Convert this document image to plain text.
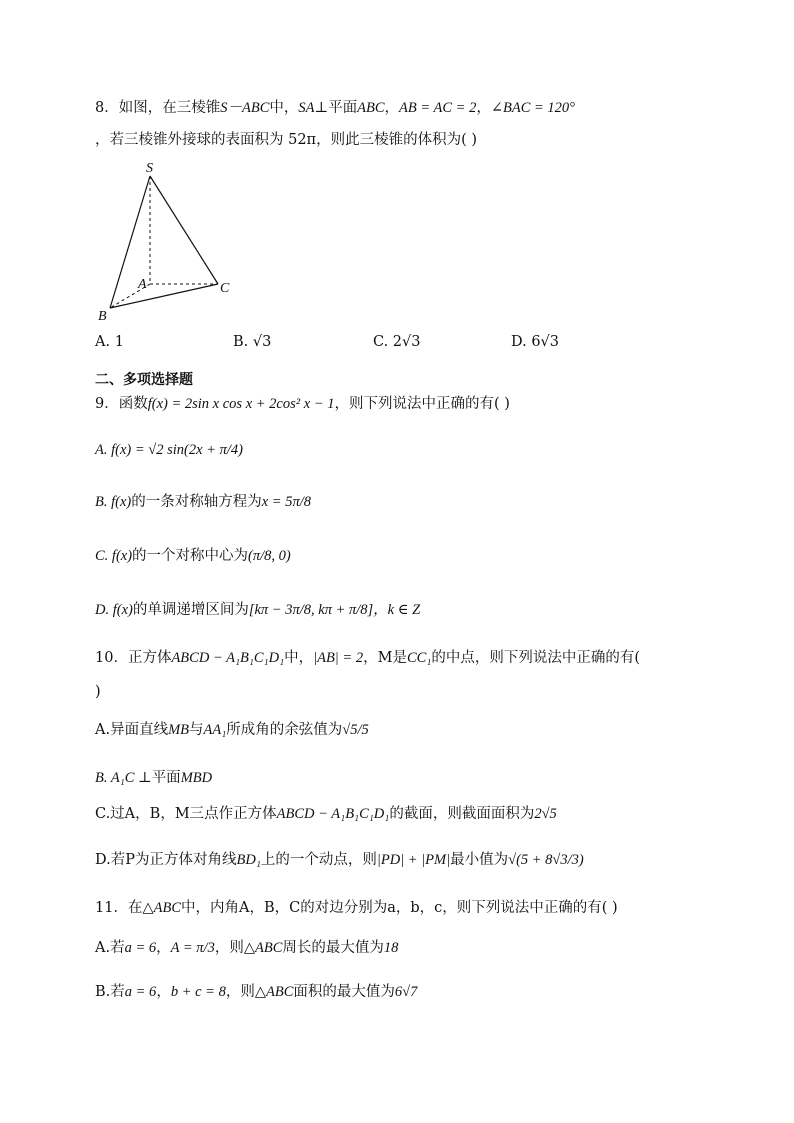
8．如图，在三棱锥S－ABC中，SA⊥平面ABC，AB = AC = 2，∠BAC = 120°
，若三棱锥外接球的表面积为 52π，则此三棱锥的体积为( )
S
A
B
C
A. 1	B. √3	C. 2√3	D. 6√3
二、多项选择题
9．函数f(x) = 2sin x cos x + 2cos² x − 1，则下列说法中正确的有( )
A. f(x) = √2 sin(2x + π/4)
B. f(x)的一条对称轴方程为x = 5π/8
C. f(x)的一个对称中心为(π/8, 0)
D. f(x)的单调递增区间为[kπ − 3π/8, kπ + π/8]，k ∈ Z
10．正方体ABCD − A₁B₁C₁D₁中，|AB| = 2，M是CC₁的中点，则下列说法中正确的有(
)
A.异面直线MB与AA₁所成角的余弦值为√5/5
B. A₁C ⊥平面MBD
C.过A，B，M三点作正方体ABCD − A₁B₁C₁D₁的截面，则截面面积为2√5
D.若P为正方体对角线BD₁上的一个动点，则|PD| + |PM|最小值为√(5 + 8√3/3)
11．在△ABC中，内角A，B，C的对边分别为a，b，c，则下列说法中正确的有( )
A.若a = 6，A = π/3，则△ABC周长的最大值为18
B.若a = 6，b + c = 8，则△ABC面积的最大值为6√7
